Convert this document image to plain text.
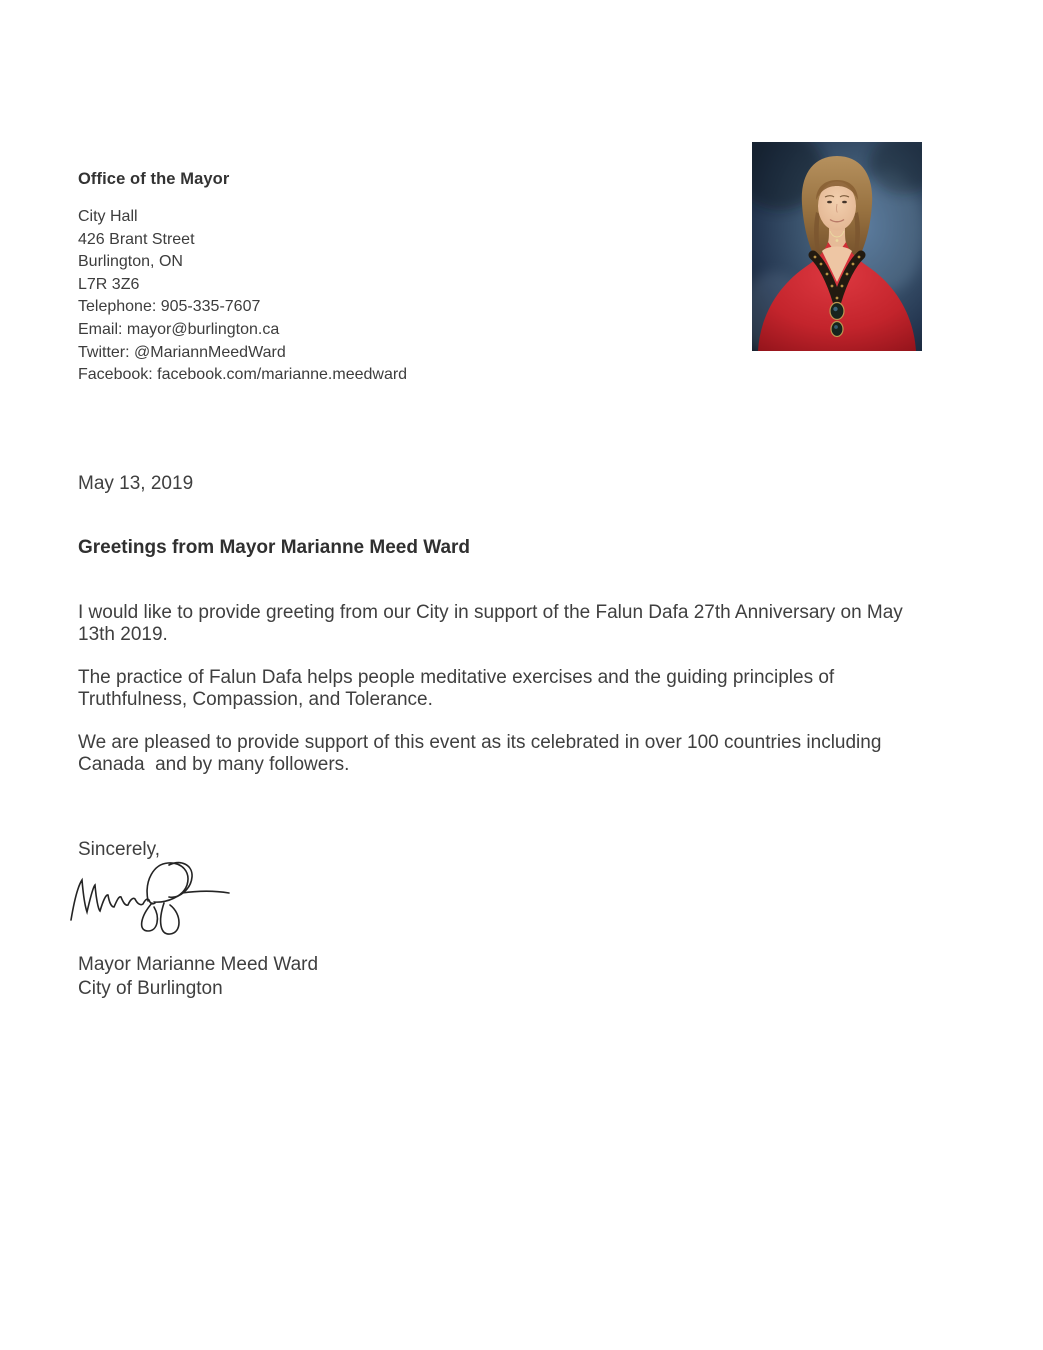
Office of the Mayor
City Hall
426 Brant Street
Burlington, ON
L7R 3Z6
Telephone: 905-335-7607
Email: mayor@burlington.ca
Twitter: @MariannMeedWard
Facebook: facebook.com/marianne.meedward
May 13, 2019
Greetings from Mayor Marianne Meed Ward
I would like to provide greeting from our City in support of the Falun Dafa 27th Anniversary on May
13th 2019.
The practice of Falun Dafa helps people meditative exercises and the guiding principles of
Truthfulness, Compassion, and Tolerance.
We are pleased to provide support of this event as its celebrated in over 100 countries including
Canada  and by many followers.
Sincerely,
Mayor Marianne Meed Ward
City of Burlington
